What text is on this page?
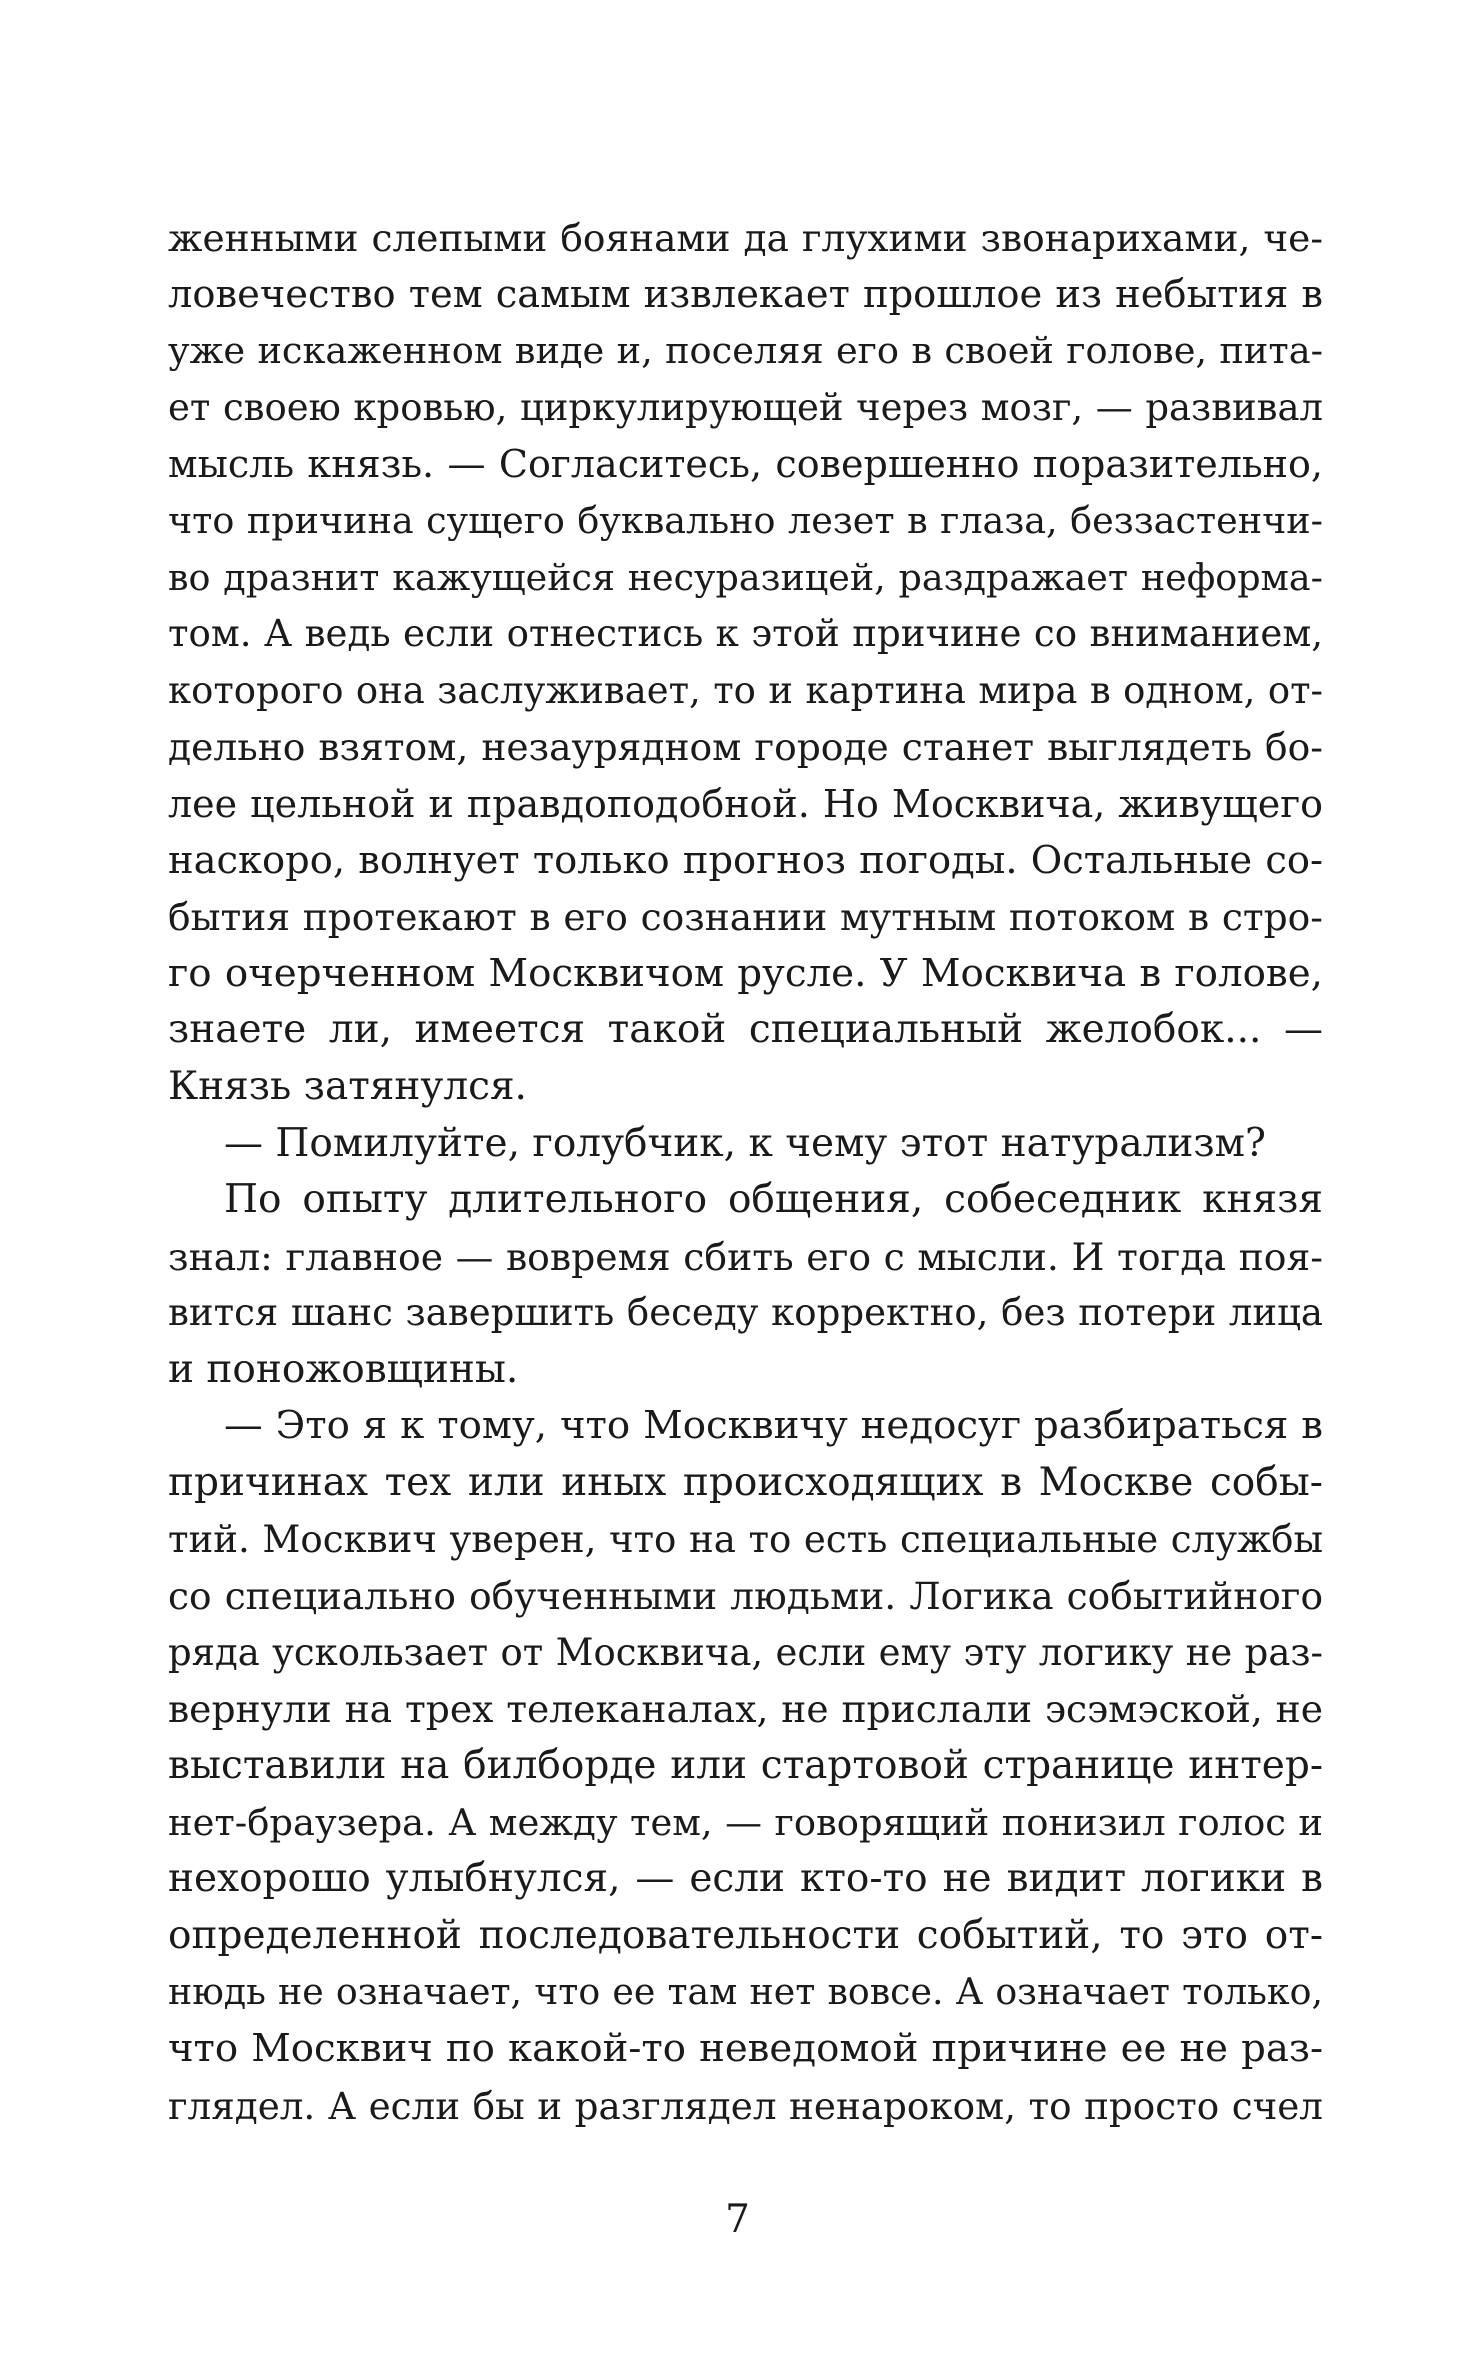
женными слепыми боянами да глухими звонарихами, че-
ловечество тем самым извлекает прошлое из небытия в
уже искаженном виде и, поселяя его в своей голове, пита-
ет своею кровью, циркулирующей через мозг, — развивал
мысль князь. — Согласитесь, совершенно поразительно,
что причина сущего буквально лезет в глаза, беззастенчи-
во дразнит кажущейся несуразицей, раздражает неформа-
том. А ведь если отнестись к этой причине со вниманием,
которого она заслуживает, то и картина мира в одном, от-
дельно взятом, незаурядном городе станет выглядеть бо-
лее цельной и правдоподобной. Но Москвича, живущего
наскоро, волнует только прогноз погоды. Остальные со-
бытия протекают в его сознании мутным потоком в стро-
го очерченном Москвичом русле. У Москвича в голове,
знаете ли, имеется такой специальный желобок... —
Князь затянулся.
— Помилуйте, голубчик, к чему этот натурализм?
По опыту длительного общения, собеседник князя
знал: главное — вовремя сбить его с мысли. И тогда поя-
вится шанс завершить беседу корректно, без потери лица
и поножовщины.
— Это я к тому, что Москвичу недосуг разбираться в
причинах тех или иных происходящих в Москве собы-
тий. Москвич уверен, что на то есть специальные службы
со специально обученными людьми. Логика событийного
ряда ускользает от Москвича, если ему эту логику не раз-
вернули на трех телеканалах, не прислали эсэмэской, не
выставили на билборде или стартовой странице интер-
нет-браузера. А между тем, — говорящий понизил голос и
нехорошо улыбнулся, — если кто-то не видит логики в
определенной последовательности событий, то это от-
нюдь не означает, что ее там нет вовсе. А означает только,
что Москвич по какой-то неведомой причине ее не раз-
глядел. А если бы и разглядел ненароком, то просто счел
7
